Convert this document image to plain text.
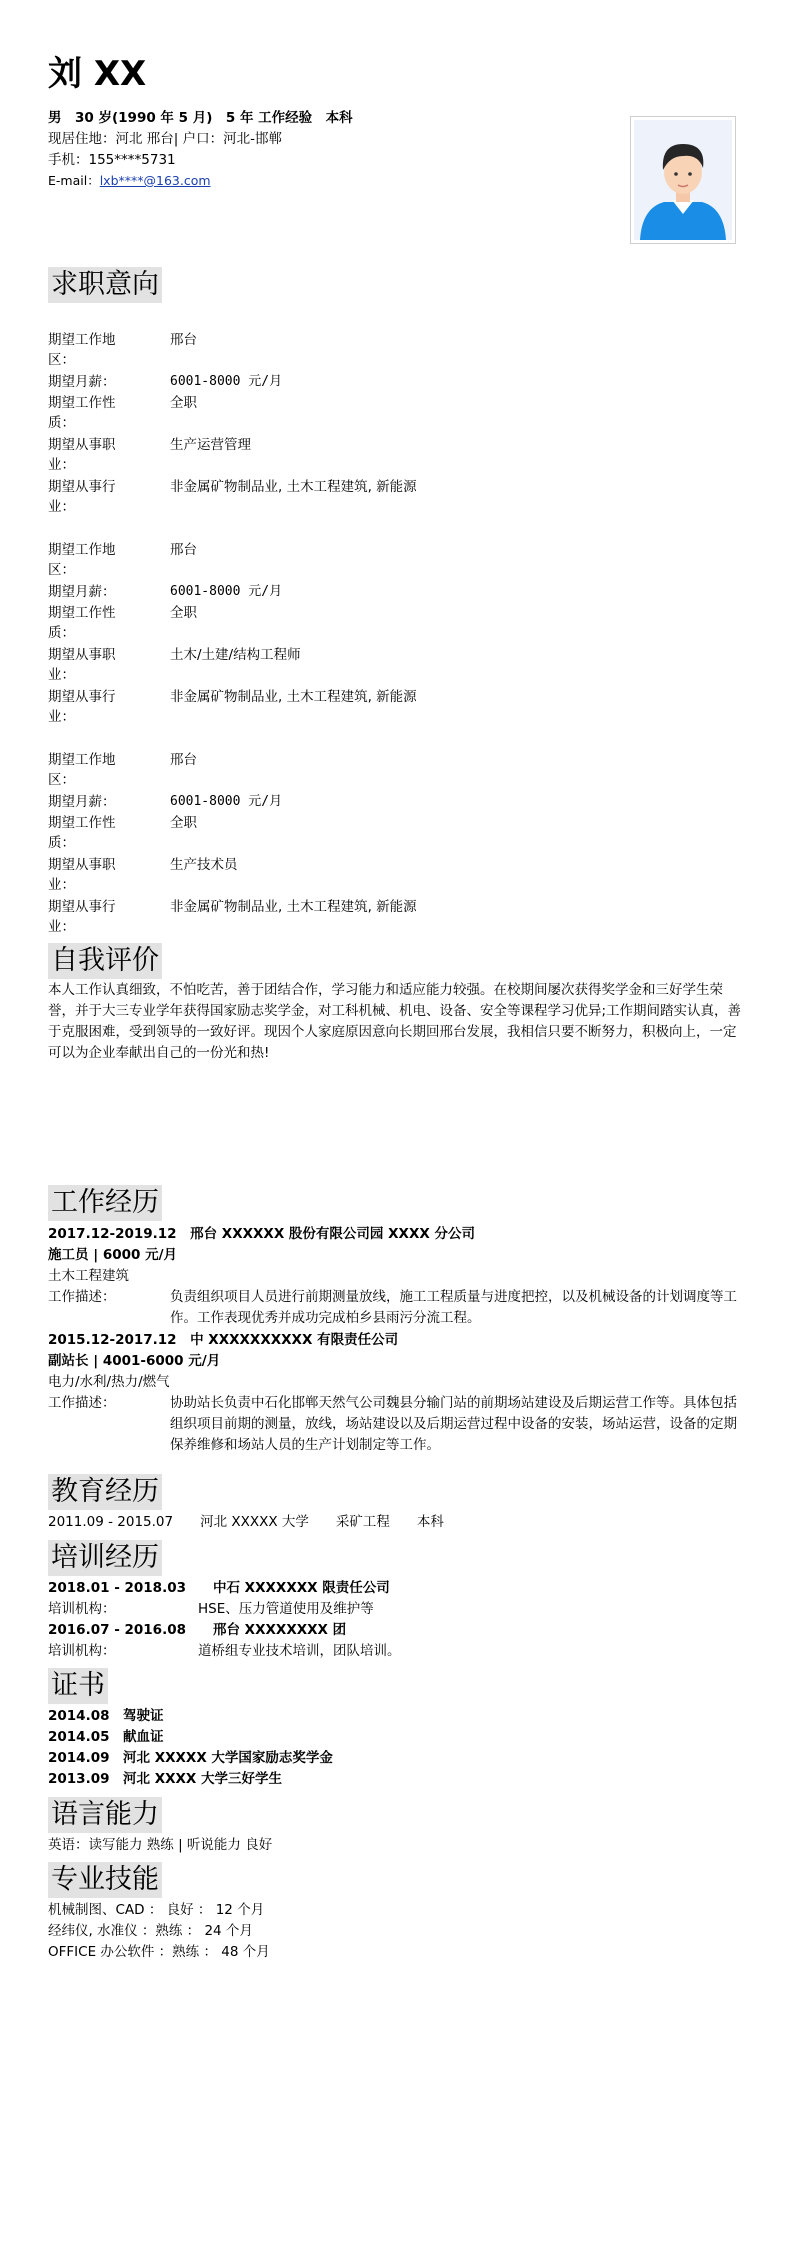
刘 XX
男　30 岁(1990 年 5 月)　5 年 工作经验　本科
现居住地：河北 邢台| 户口：河北-邯郸
手机：155****5731
E-mail：lxb****@163.com
求职意向
期望工作地区：
邢台
期望月薪：	6001-8000 元/月
期望工作性质：
全职
期望从事职业：
生产运营管理
期望从事行业：
非金属矿物制品业, 土木工程建筑, 新能源
期望工作地区：
邢台
期望月薪：	6001-8000 元/月
期望工作性质：
全职
期望从事职业：
土木/土建/结构工程师
期望从事行业：
非金属矿物制品业, 土木工程建筑, 新能源
期望工作地区：
邢台
期望月薪：	6001-8000 元/月
期望工作性质：
全职
期望从事职业：
生产技术员
期望从事行业：
非金属矿物制品业, 土木工程建筑, 新能源
自我评价
本人工作认真细致，不怕吃苦，善于团结合作，学习能力和适应能力较强。在校期间屡次获得奖学金和三好学生荣誉，并于大三专业学年获得国家励志奖学金，对工科机械、机电、设备、安全等课程学习优异;工作期间踏实认真，善于克服困难，受到领导的一致好评。现因个人家庭原因意向长期回邢台发展，我相信只要不断努力，积极向上，一定可以为企业奉献出自己的一份光和热!
工作经历
2017.12-2019.12　邢台 XXXXXX 股份有限公司园 XXXX 分公司
施工员 | 6000 元/月
土木工程建筑
工作描述：	负责组织项目人员进行前期测量放线，施工工程质量与进度把控，以及机械设备的计划调度等工作。工作表现优秀并成功完成柏乡县雨污分流工程。
2015.12-2017.12　中 XXXXXXXXXX 有限责任公司
副站长 | 4001-6000 元/月
电力/水利/热力/燃气
工作描述：	协助站长负责中石化邯郸天然气公司魏县分输门站的前期场站建设及后期运营工作等。具体包括组织项目前期的测量，放线，场站建设以及后期运营过程中设备的安装，场站运营，设备的定期保养维修和场站人员的生产计划制定等工作。
教育经历
2011.09 - 2015.07　　河北 XXXXX 大学　　采矿工程　　本科
培训经历
2018.01 - 2018.03　　中石 XXXXXXX 限责任公司
培训机构：	HSE、压力管道使用及维护等
2016.07 - 2016.08　　邢台 XXXXXXXX 团
培训机构：	道桥组专业技术培训，团队培训。
证书
2014.08　驾驶证
2014.05　献血证
2014.09　河北 XXXXX 大学国家励志奖学金
2013.09　河北 XXXX 大学三好学生
语言能力
英语：读写能力 熟练 | 听说能力 良好
专业技能
机械制图、CAD ： 良好 ： 12 个月
经纬仪, 水准仪 ：熟练 ： 24 个月
OFFICE 办公软件 ：熟练 ： 48 个月
